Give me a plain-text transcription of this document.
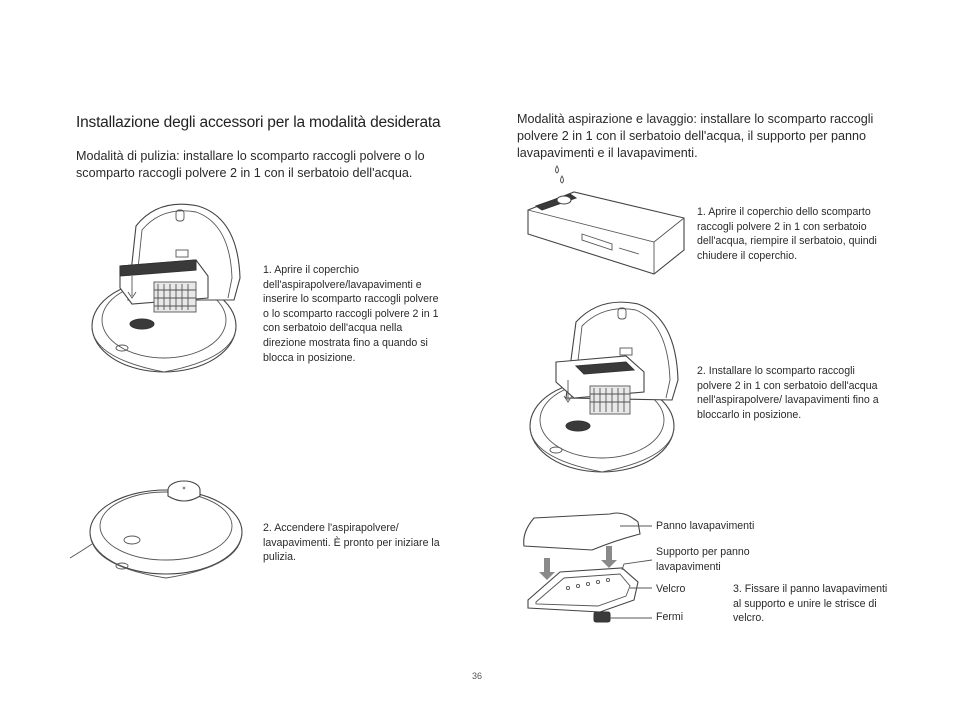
Installazione degli accessori per la modalità desiderata
Modalità di pulizia: installare lo scomparto raccogli polvere o lo scomparto raccogli polvere 2 in 1 con il serbatoio dell'acqua.
1. Aprire il coperchio dell'aspirapolvere/lavapavimenti e inserire lo scomparto raccogli polvere o lo scomparto raccogli polvere 2 in 1 con serbatoio dell'acqua nella direzione mostrata fino a quando si blocca in posizione.
2. Accendere l'aspirapolvere/ lavapavimenti. È pronto per iniziare la pulizia.
Modalità aspirazione e lavaggio: installare lo scomparto raccogli polvere 2 in 1 con il serbatoio dell'acqua, il supporto per panno lavapavimenti e il lavapavimenti.
1. Aprire il coperchio dello scomparto raccogli polvere 2 in 1 con serbatoio dell'acqua, riempire il serbatoio, quindi chiudere il coperchio.
2. Installare lo scomparto raccogli polvere 2 in 1 con serbatoio dell'acqua nell'aspirapolvere/ lavapavimenti fino a bloccarlo in posizione.
Panno lavapavimenti
Supporto per panno lavapavimenti
Velcro
Fermi
3. Fissare il panno lavapavimenti al supporto e unire le strisce di velcro.
36
